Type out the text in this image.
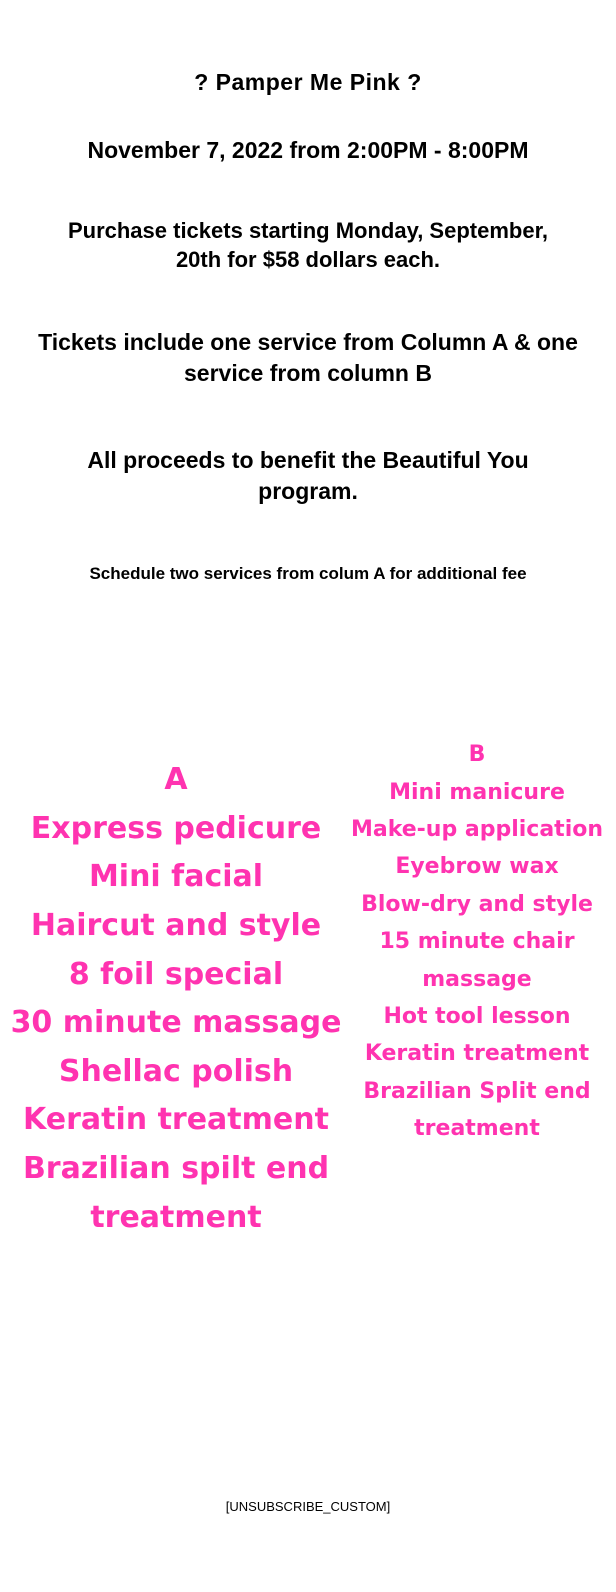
? Pamper Me Pink ?
November 7, 2022 from 2:00PM - 8:00PM
Purchase tickets starting Monday, September, 20th for $58 dollars each.
Tickets include one service from Column A & one service from column B
All proceeds to benefit the Beautiful You program.
Schedule two services from colum A for additional fee
A
Express pedicure
Mini facial
Haircut and style
8 foil special
30 minute massage
Shellac polish
Keratin treatment
Brazilian spilt end treatment
B
Mini manicure
Make-up application
Eyebrow wax
Blow-dry and style
15 minute chair massage
Hot tool lesson
Keratin treatment
Brazilian Split end treatment
[UNSUBSCRIBE_CUSTOM]
